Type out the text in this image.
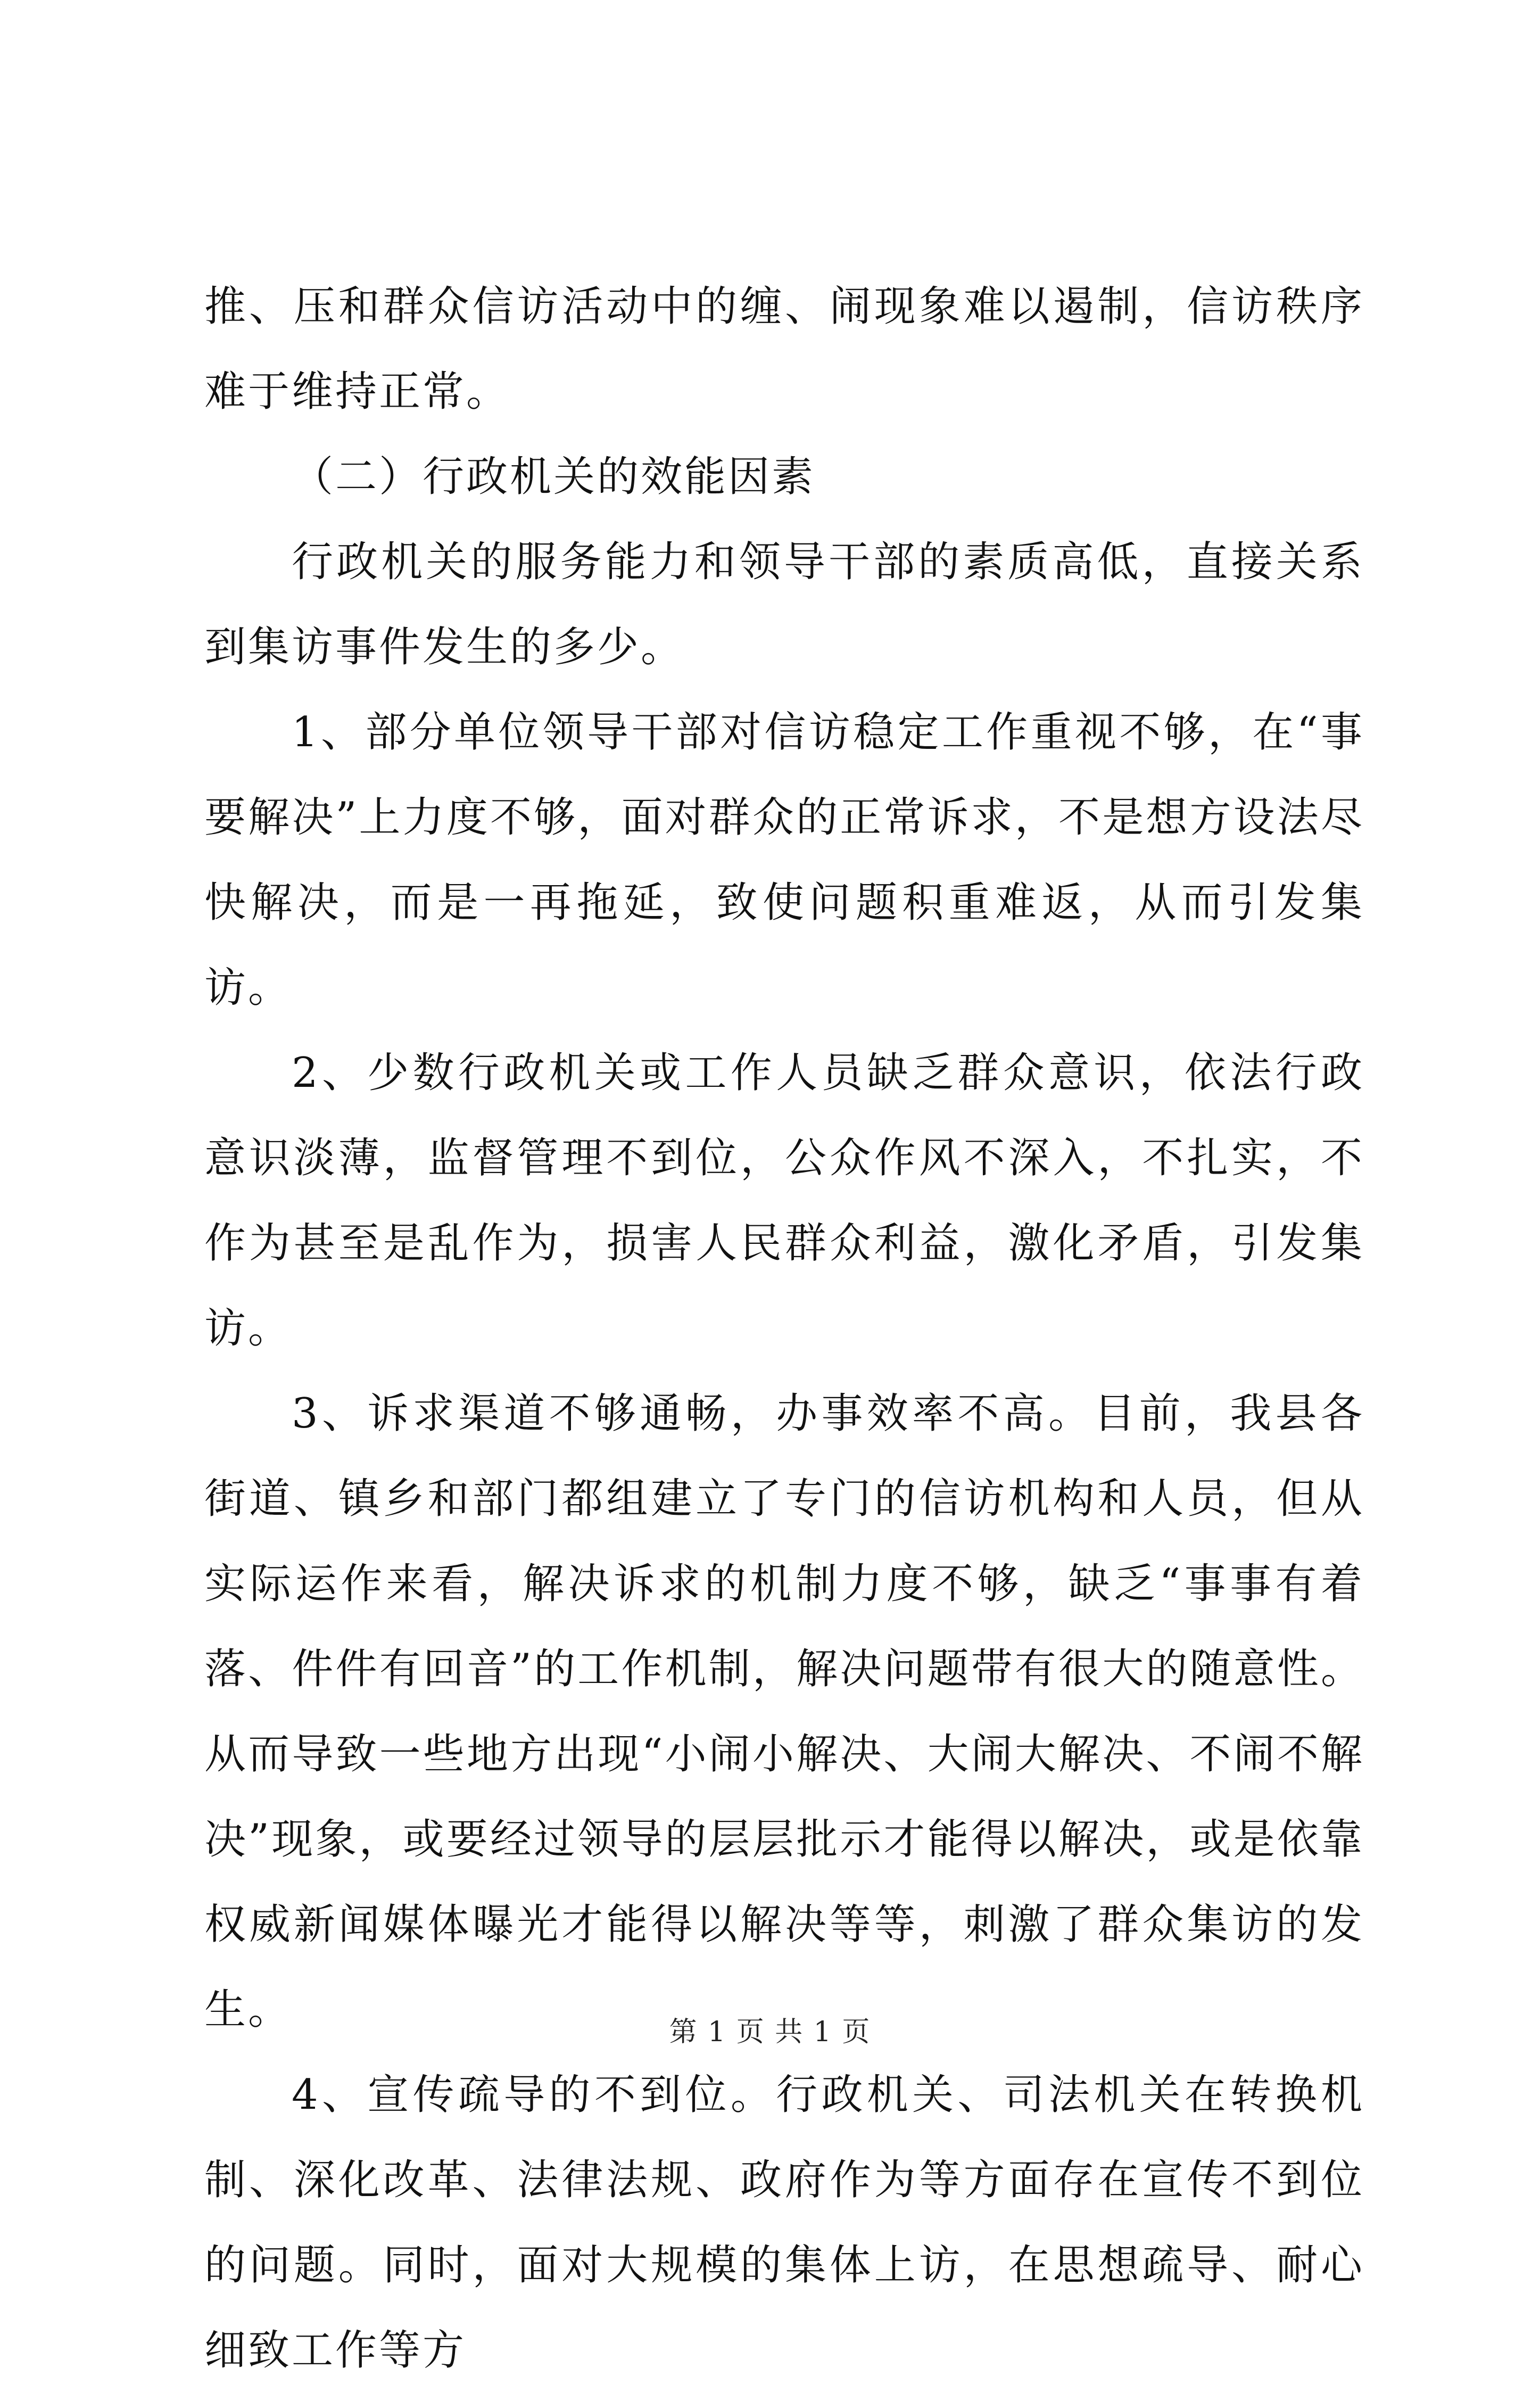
推、压和群众信访活动中的缠、闹现象难以遏制，信访秩序难于维持正常。

（二）行政机关的效能因素

行政机关的服务能力和领导干部的素质高低，直接关系到集访事件发生的多少。

1、部分单位领导干部对信访稳定工作重视不够，在“事要解决”上力度不够，面对群众的正常诉求，不是想方设法尽快解决，而是一再拖延，致使问题积重难返，从而引发集访。

2、少数行政机关或工作人员缺乏群众意识，依法行政意识淡薄，监督管理不到位，公众作风不深入，不扎实，不作为甚至是乱作为，损害人民群众利益，激化矛盾，引发集访。

3、诉求渠道不够通畅，办事效率不高。目前，我县各街道、镇乡和部门都组建立了专门的信访机构和人员，但从实际运作来看，解决诉求的机制力度不够，缺乏“事事有着落、件件有回音”的工作机制，解决问题带有很大的随意性。从而导致一些地方出现“小闹小解决、大闹大解决、不闹不解决”现象，或要经过领导的层层批示才能得以解决，或是依靠权威新闻媒体曝光才能得以解决等等，刺激了群众集访的发生。

4、宣传疏导的不到位。行政机关、司法机关在转换机制、深化改革、法律法规、政府作为等方面存在宣传不到位的问题。同时，面对大规模的集体上访，在思想疏导、耐心细致工作等方

第 1 页 共 1 页
